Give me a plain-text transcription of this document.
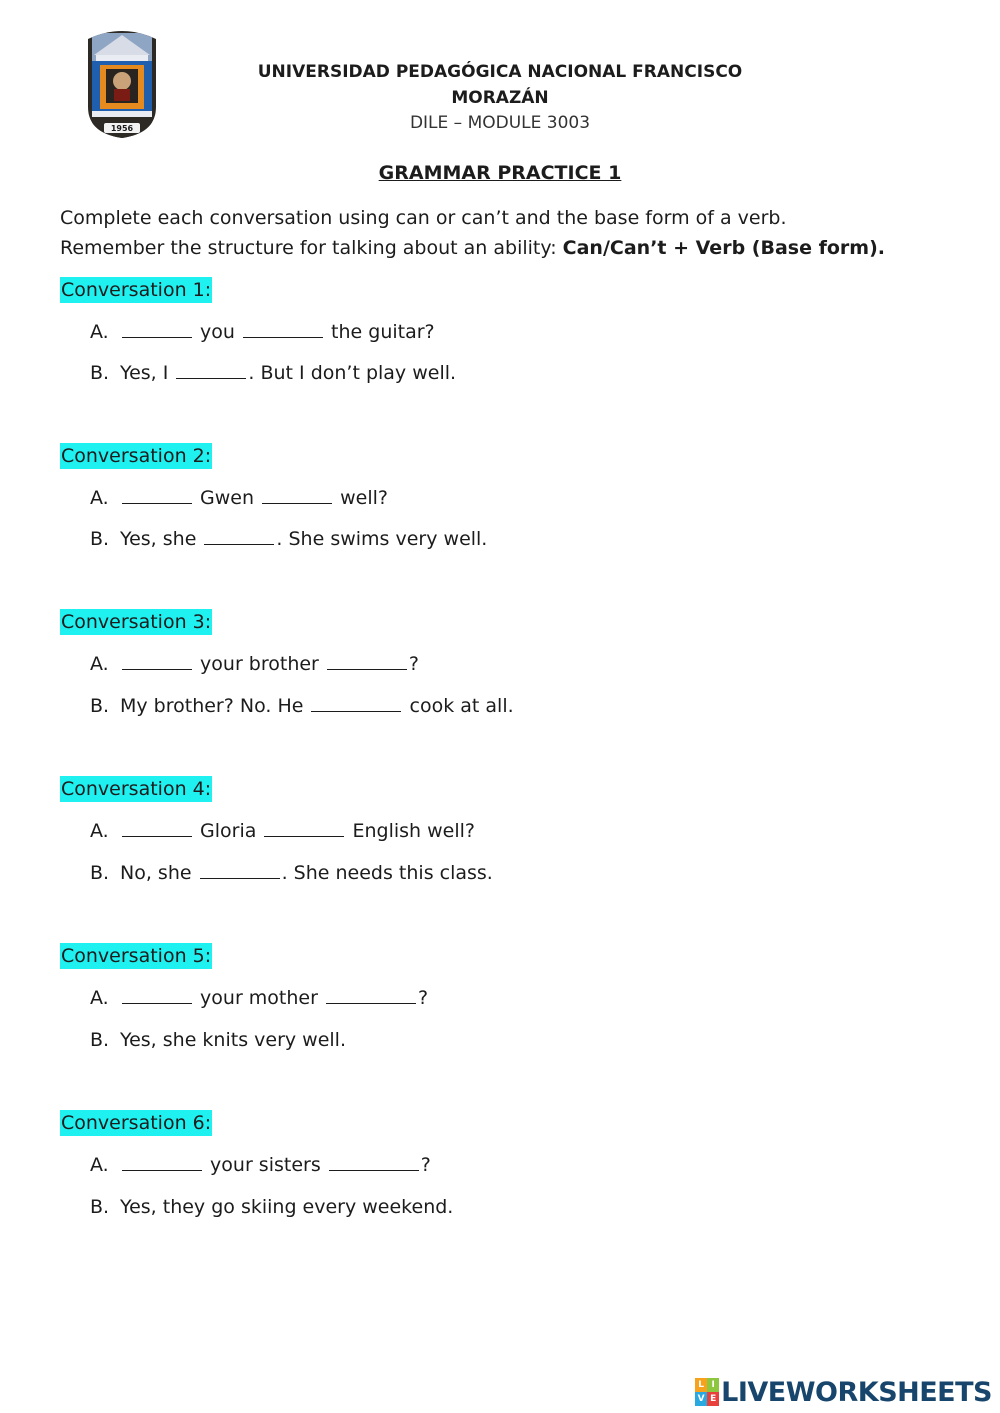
1956
UNIVERSIDAD PEDAGÓGICA NACIONAL FRANCISCO
MORAZÁN
DILE – MODULE 3003
GRAMMAR PRACTICE 1
Complete each conversation using can or can’t and the base form of a verb.
Remember the structure for talking about an ability: Can/Can’t + Verb (Base form).
Conversation 1:
A.	you	the guitar?
B. Yes, I	. But I don’t play well.
Conversation 2:
A.	Gwen	well?
B. Yes, she	. She swims very well.
Conversation 3:
A.	your brother	?
B. My brother? No. He	cook at all.
Conversation 4:
A.	Gloria	English well?
B. No, she	. She needs this class.
Conversation 5:
A.	your mother	?
B. Yes, she knits very well.
Conversation 6:
A.	your sisters	?
B. Yes, they go skiing every weekend.
L I
V E LIVEWORKSHEETS
